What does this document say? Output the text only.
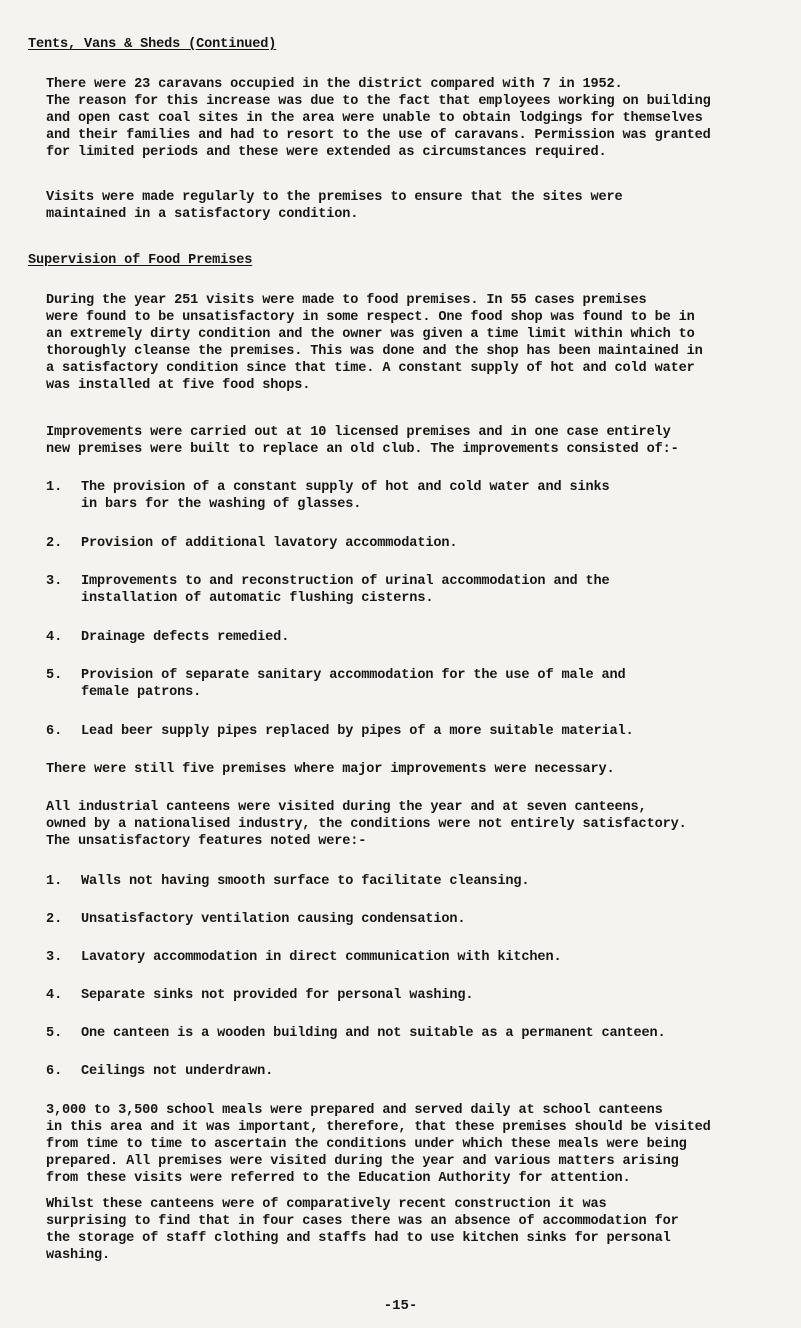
Tents, Vans & Sheds (Continued)
There were 23 caravans occupied in the district compared with 7 in 1952.
The reason for this increase was due to the fact that employees working on building
and open cast coal sites in the area were unable to obtain lodgings for themselves
and their families and had to resort to the use of caravans. Permission was granted
for limited periods and these were extended as circumstances required.
Visits were made regularly to the premises to ensure that the sites were
maintained in a satisfactory condition.
Supervision of Food Premises
During the year 251 visits were made to food premises. In 55 cases premises
were found to be unsatisfactory in some respect. One food shop was found to be in
an extremely dirty condition and the owner was given a time limit within which to
thoroughly cleanse the premises. This was done and the shop has been maintained in
a satisfactory condition since that time. A constant supply of hot and cold water
was installed at five food shops.
Improvements were carried out at 10 licensed premises and in one case entirely
new premises were built to replace an old club. The improvements consisted of:-
1.	The provision of a constant supply of hot and cold water and sinks
in bars for the washing of glasses.
2.	Provision of additional lavatory accommodation.
3.	Improvements to and reconstruction of urinal accommodation and the
installation of automatic flushing cisterns.
4.	Drainage defects remedied.
5.	Provision of separate sanitary accommodation for the use of male and
female patrons.
6.	Lead beer supply pipes replaced by pipes of a more suitable material.
There were still five premises where major improvements were necessary.
All industrial canteens were visited during the year and at seven canteens,
owned by a nationalised industry, the conditions were not entirely satisfactory.
The unsatisfactory features noted were:-
1.	Walls not having smooth surface to facilitate cleansing.
2.	Unsatisfactory ventilation causing condensation.
3.	Lavatory accommodation in direct communication with kitchen.
4.	Separate sinks not provided for personal washing.
5.	One canteen is a wooden building and not suitable as a permanent canteen.
6.	Ceilings not underdrawn.
3,000 to 3,500 school meals were prepared and served daily at school canteens
in this area and it was important, therefore, that these premises should be visited
from time to time to ascertain the conditions under which these meals were being
prepared. All premises were visited during the year and various matters arising
from these visits were referred to the Education Authority for attention.
Whilst these canteens were of comparatively recent construction it was
surprising to find that in four cases there was an absence of accommodation for
the storage of staff clothing and staffs had to use kitchen sinks for personal
washing.
-15-
